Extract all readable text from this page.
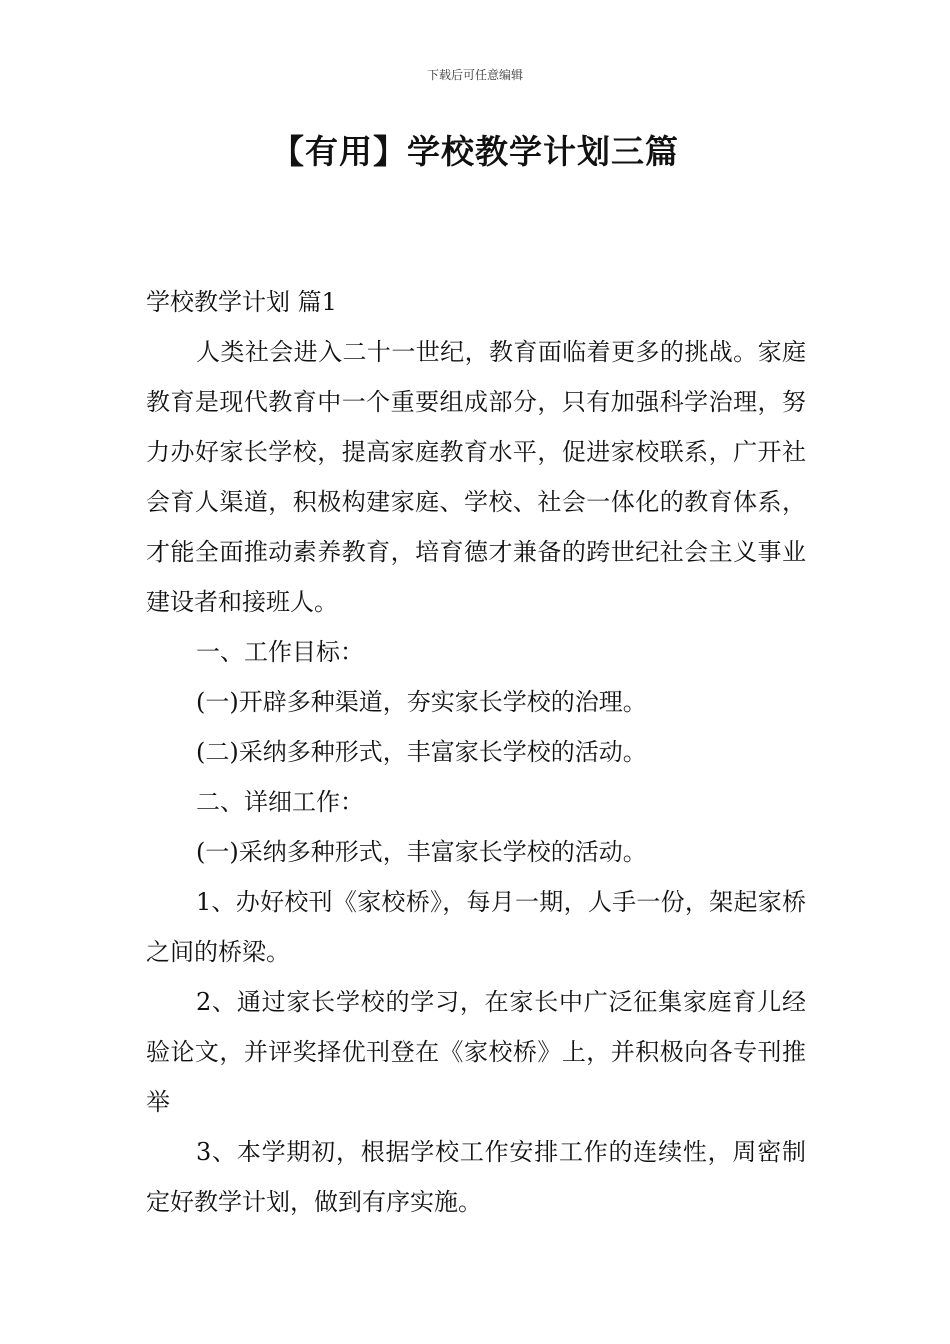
下载后可任意编辑
【有用】学校教学计划三篇

学校教学计划 篇1

人类社会进入二十一世纪，教育面临着更多的挑战。家庭教育是现代教育中一个重要组成部分，只有加强科学治理，努力办好家长学校，提高家庭教育水平，促进家校联系，广开社会育人渠道，积极构建家庭、学校、社会一体化的教育体系，才能全面推动素养教育，培育德才兼备的跨世纪社会主义事业建设者和接班人。

一、工作目标：

(一)开辟多种渠道，夯实家长学校的治理。

(二)采纳多种形式，丰富家长学校的活动。

二、详细工作：

(一)采纳多种形式，丰富家长学校的活动。

1、办好校刊《家校桥》，每月一期，人手一份，架起家桥之间的桥梁。

2、通过家长学校的学习，在家长中广泛征集家庭育儿经验论文，并评奖择优刊登在《家校桥》上，并积极向各专刊推举

3、本学期初，根据学校工作安排工作的连续性，周密制定好教学计划，做到有序实施。
